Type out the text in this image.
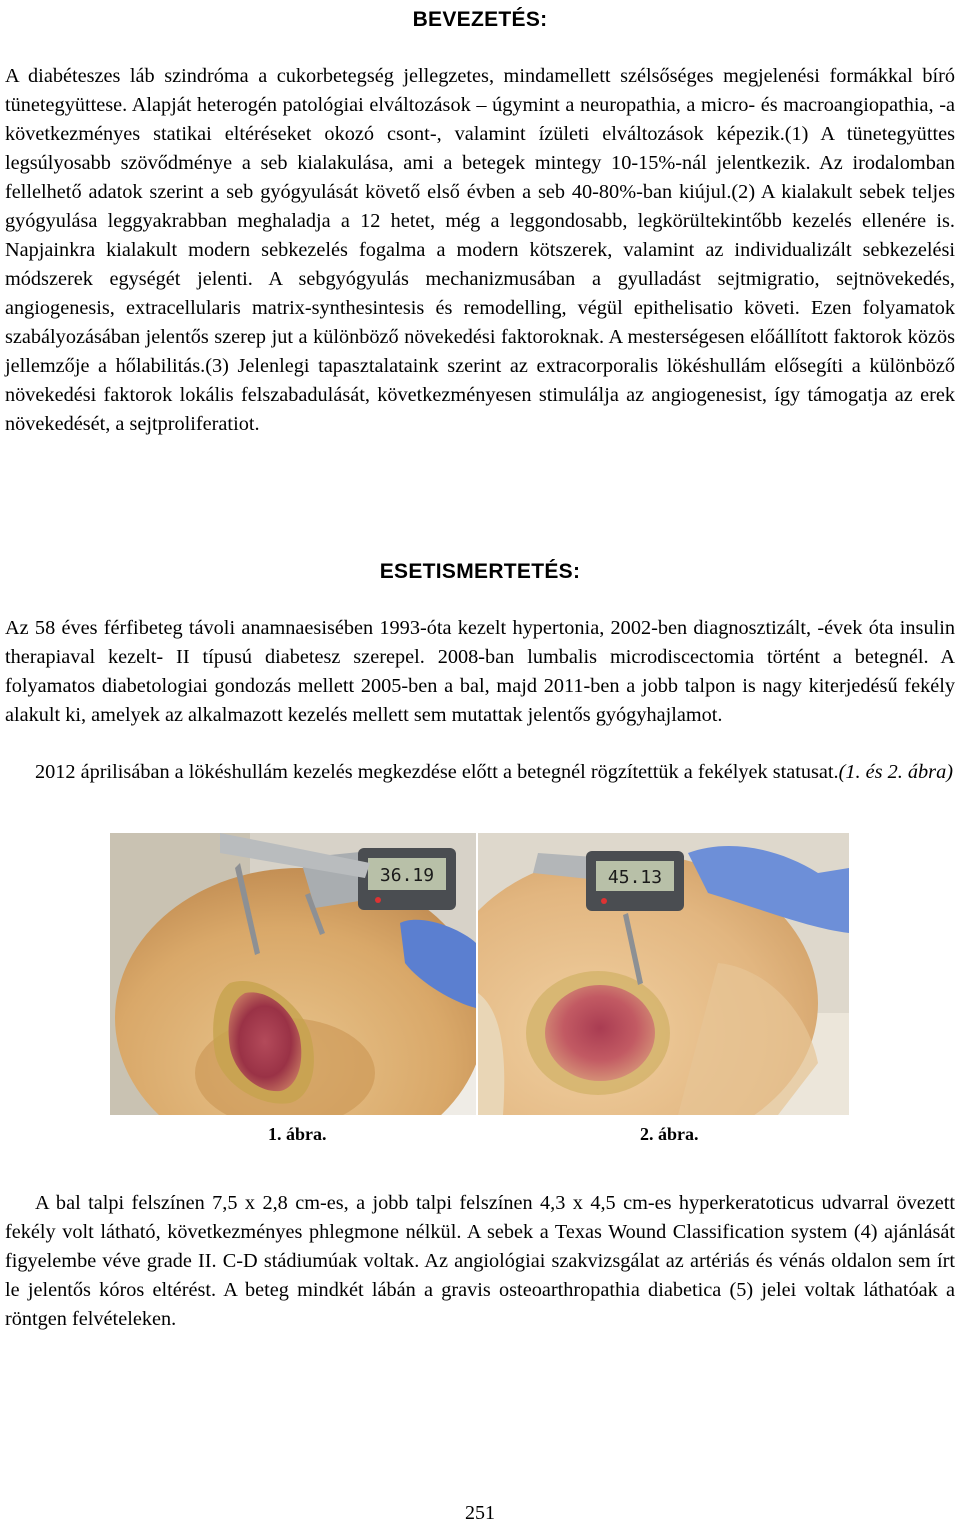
BEVEZETÉS:

A diabéteszes láb szindróma a cukorbetegség jellegzetes, mindamellett szélsőséges megjelenési formákkal bíró tünetegyüttese. Alapját heterogén patológiai elváltozások – úgymint a neuropathia, a micro- és macroangiopathia, -a következményes statikai eltéréseket okozó csont-, valamint ízületi elváltozások képezik.(1) A tünetegyüttes legsúlyosabb szövődménye a seb kialakulása, ami a betegek mintegy 10-15%-nál jelentkezik. Az irodalomban fellelhető adatok szerint a seb gyógyulását követő első évben a seb 40-80%-ban kiújul.(2) A kialakult sebek teljes gyógyulása leggyakrabban meghaladja a 12 hetet, még a leggondosabb, legkörültekintőbb kezelés ellenére is. Napjainkra kialakult modern sebkezelés fogalma a modern kötszerek, valamint az individualizált sebkezelési módszerek egységét jelenti. A sebgyógyulás mechanizmusában a gyulladást sejtmigratio, sejtnövekedés, angiogenesis, extracellularis matrix-synthesintesis és remodelling, végül epithelisatio követi. Ezen folyamatok szabályozásában jelentős szerep jut a különböző növekedési faktoroknak. A mesterségesen előállított faktorok közös jellemzője a hőlabilitás.(3) Jelenlegi tapasztalataink szerint az extracorporalis lökéshullám elősegíti a különböző növekedési faktorok lokális felszabadulását, következményesen stimulálja az angiogenesist, így támogatja az erek növekedését, a sejtproliferatiot.

ESETISMERTETÉS:

Az 58 éves férfibeteg távoli anamnaesisében 1993-óta kezelt hypertonia, 2002-ben diagnosztizált, -évek óta insulin therapiaval kezelt- II típusú diabetesz szerepel. 2008-ban lumbalis microdiscectomia történt a betegnél. A folyamatos diabetologiai gondozás mellett 2005-ben a bal, majd 2011-ben a jobb talpon is nagy kiterjedésű fekély alakult ki, amelyek az alkalmazott kezelés mellett sem mutattak jelentős gyógyhajlamot.

2012 áprilisában a lökéshullám kezelés megkezdése előtt a betegnél rögzítettük a fekélyek statusat.(1. és 2. ábra)

36.19	45.13

1. ábra.	2. ábra.

A bal talpi felszínen 7,5 x 2,8 cm-es, a jobb talpi felszínen 4,3 x 4,5 cm-es hyperkeratoticus udvarral övezett fekély volt látható, következményes phlegmone nélkül. A sebek a Texas Wound Classification system (4) ajánlását figyelembe véve grade II. C-D stádiumúak voltak. Az angiológiai szakvizsgálat az artériás és vénás oldalon sem írt le jelentős kóros eltérést. A beteg mindkét lábán a gravis osteoarthropathia diabetica (5) jelei voltak láthatóak a röntgen felvételeken.

251
